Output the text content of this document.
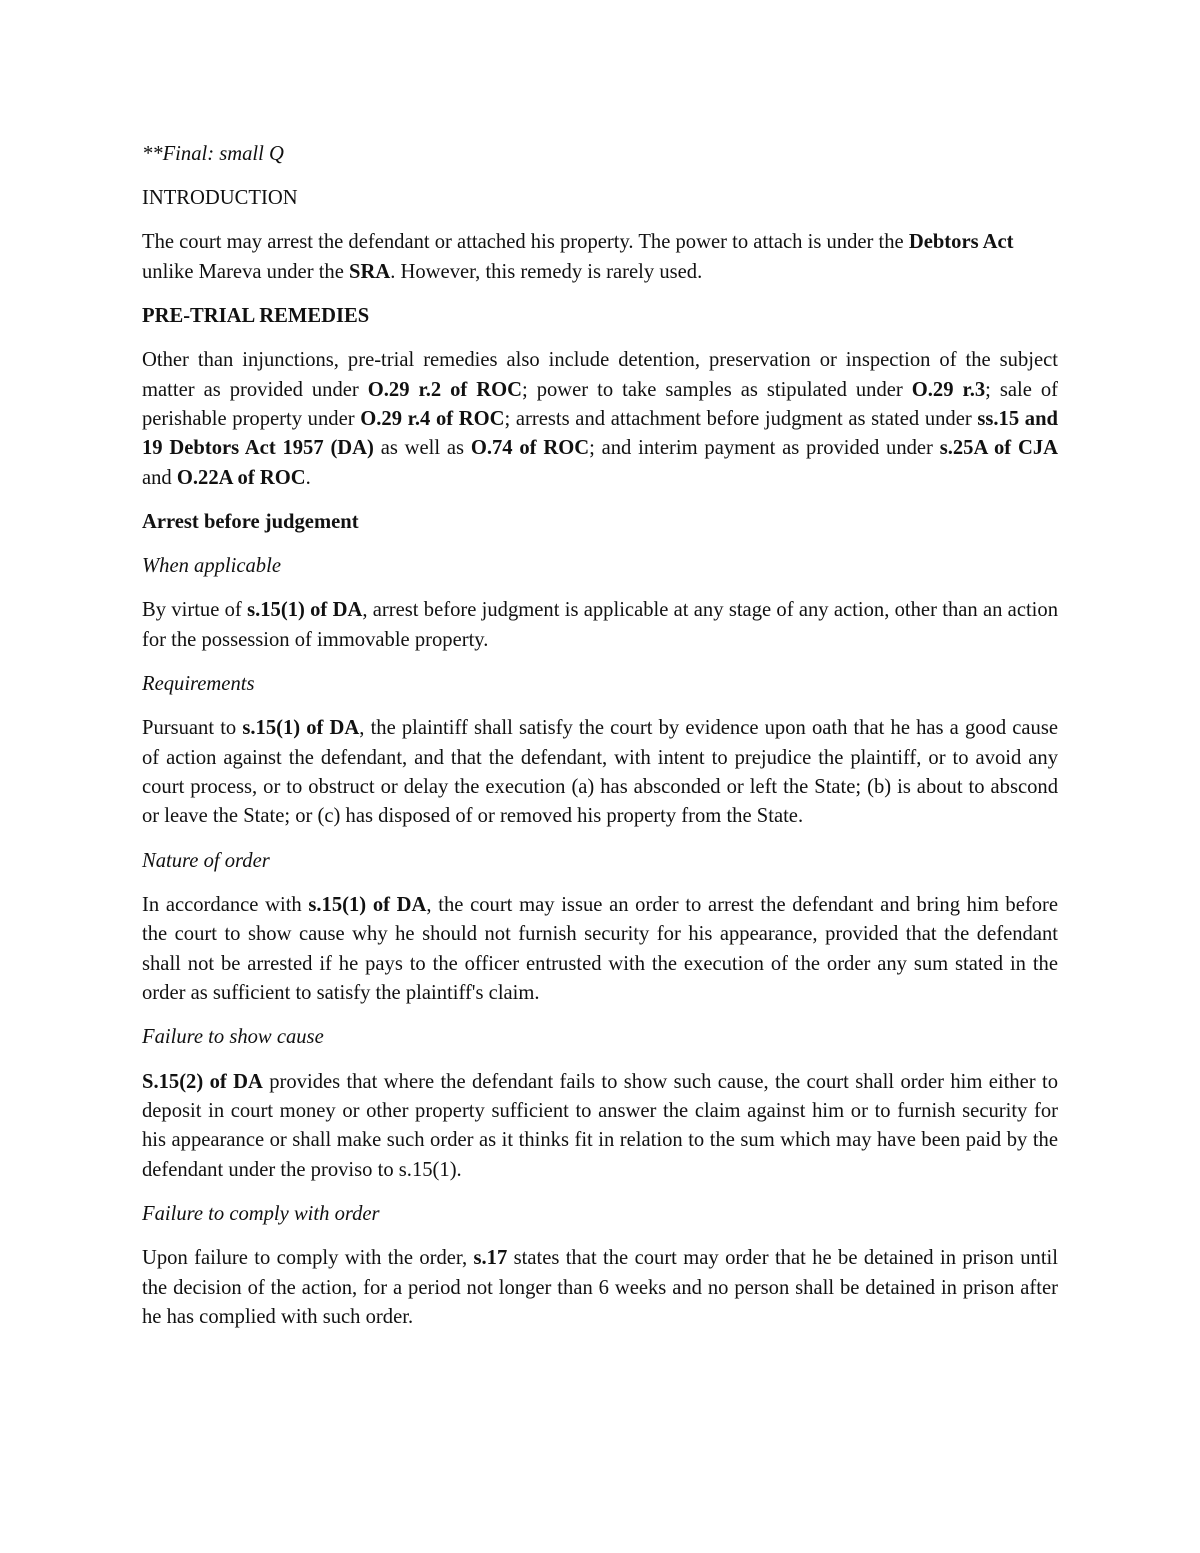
**Final: small Q

INTRODUCTION

The court may arrest the defendant or attached his property. The power to attach is under the Debtors Act unlike Mareva under the SRA. However, this remedy is rarely used.

PRE-TRIAL REMEDIES

Other than injunctions, pre-trial remedies also include detention, preservation or inspection of the subject matter as provided under O.29 r.2 of ROC; power to take samples as stipulated under O.29 r.3; sale of perishable property under O.29 r.4 of ROC; arrests and attachment before judgment as stated under ss.15 and 19 Debtors Act 1957 (DA) as well as O.74 of ROC; and interim payment as provided under s.25A of CJA and O.22A of ROC.

Arrest before judgement

When applicable

By virtue of s.15(1) of DA, arrest before judgment is applicable at any stage of any action, other than an action for the possession of immovable property.

Requirements

Pursuant to s.15(1) of DA, the plaintiff shall satisfy the court by evidence upon oath that he has a good cause of action against the defendant, and that the defendant, with intent to prejudice the plaintiff, or to avoid any court process, or to obstruct or delay the execution (a) has absconded or left the State; (b) is about to abscond or leave the State; or (c) has disposed of or removed his property from the State.

Nature of order

In accordance with s.15(1) of DA, the court may issue an order to arrest the defendant and bring him before the court to show cause why he should not furnish security for his appearance, provided that the defendant shall not be arrested if he pays to the officer entrusted with the execution of the order any sum stated in the order as sufficient to satisfy the plaintiff's claim.

Failure to show cause

S.15(2) of DA provides that where the defendant fails to show such cause, the court shall order him either to deposit in court money or other property sufficient to answer the claim against him or to furnish security for his appearance or shall make such order as it thinks fit in relation to the sum which may have been paid by the defendant under the proviso to s.15(1).

Failure to comply with order

Upon failure to comply with the order, s.17 states that the court may order that he be detained in prison until the decision of the action, for a period not longer than 6 weeks and no person shall be detained in prison after he has complied with such order.
